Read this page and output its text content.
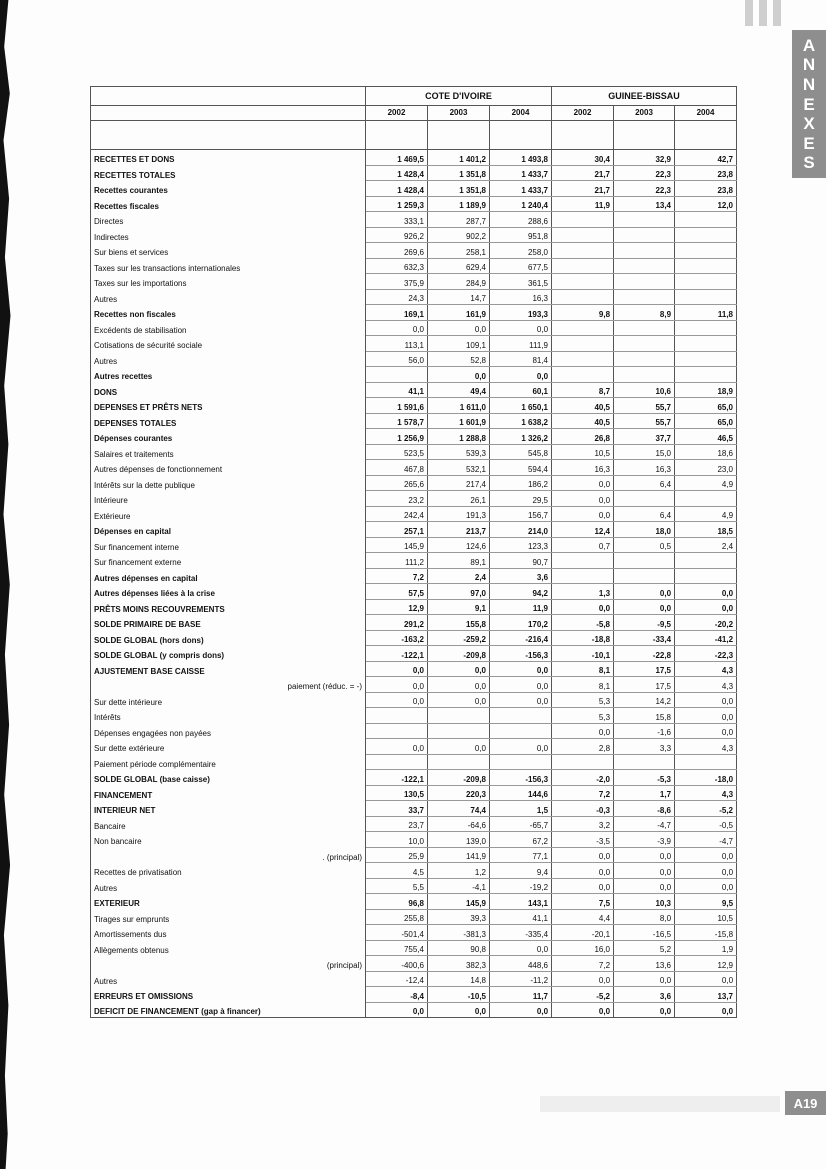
A
N
N
E
X
E
S
	COTE D'IVOIRE			GUINEE-BISSAU		
	2002	2003	2004	2002	2003	2004

RECETTES ET DONS	1 469,5	1 401,2	1 493,8	30,4	32,9	42,7
RECETTES TOTALES	1 428,4	1 351,8	1 433,7	21,7	22,3	23,8
Recettes courantes	1 428,4	1 351,8	1 433,7	21,7	22,3	23,8
Recettes fiscales	1 259,3	1 189,9	1 240,4	11,9	13,4	12,0
Directes	333,1	287,7	288,6			
Indirectes	926,2	902,2	951,8			
Sur biens et services	269,6	258,1	258,0			
Taxes sur les transactions internationales	632,3	629,4	677,5			
Taxes sur les importations	375,9	284,9	361,5			
Autres	24,3	14,7	16,3			
Recettes non fiscales	169,1	161,9	193,3	9,8	8,9	11,8
Excédents de stabilisation	0,0	0,0	0,0			
Cotisations de sécurité sociale	113,1	109,1	111,9			
Autres	56,0	52,8	81,4			
Autres recettes		0,0	0,0			
DONS	41,1	49,4	60,1	8,7	10,6	18,9
DEPENSES ET PRÊTS NETS	1 591,6	1 611,0	1 650,1	40,5	55,7	65,0
DEPENSES TOTALES	1 578,7	1 601,9	1 638,2	40,5	55,7	65,0
Dépenses courantes	1 256,9	1 288,8	1 326,2	26,8	37,7	46,5
Salaires et traitements	523,5	539,3	545,8	10,5	15,0	18,6
Autres dépenses de fonctionnement	467,8	532,1	594,4	16,3	16,3	23,0
Intérêts sur la dette publique	265,6	217,4	186,2	0,0	6,4	4,9
Intérieure	23,2	26,1	29,5	0,0		
Extérieure	242,4	191,3	156,7	0,0	6,4	4,9
Dépenses en capital	257,1	213,7	214,0	12,4	18,0	18,5
Sur financement interne	145,9	124,6	123,3	0,7	0,5	2,4
Sur financement externe	111,2	89,1	90,7			
Autres dépenses en capital	7,2	2,4	3,6			
Autres dépenses liées à la crise	57,5	97,0	94,2	1,3	0,0	0,0
PRÊTS MOINS RECOUVREMENTS	12,9	9,1	11,9	0,0	0,0	0,0
SOLDE PRIMAIRE DE BASE	291,2	155,8	170,2	-5,8	-9,5	-20,2
SOLDE GLOBAL (hors dons)	-163,2	-259,2	-216,4	-18,8	-33,4	-41,2
SOLDE GLOBAL (y compris dons)	-122,1	-209,8	-156,3	-10,1	-22,8	-22,3
AJUSTEMENT BASE CAISSE	0,0	0,0	0,0	8,1	17,5	4,3
paiement (réduc. = -)	0,0	0,0	0,0	8,1	17,5	4,3
Sur dette intérieure	0,0	0,0	0,0	5,3	14,2	0,0
Intérêts				5,3	15,8	0,0
Dépenses engagées non payées				0,0	-1,6	0,0
Sur dette extérieure	0,0	0,0	0,0	2,8	3,3	4,3
Paiement période complémentaire						
SOLDE GLOBAL (base caisse)	-122,1	-209,8	-156,3	-2,0	-5,3	-18,0
FINANCEMENT	130,5	220,3	144,6	7,2	1,7	4,3
INTERIEUR NET	33,7	74,4	1,5	-0,3	-8,6	-5,2
Bancaire	23,7	-64,6	-65,7	3,2	-4,7	-0,5
Non bancaire	10,0	139,0	67,2	-3,5	-3,9	-4,7
. (principal)	25,9	141,9	77,1	0,0	0,0	0,0
Recettes de privatisation	4,5	1,2	9,4	0,0	0,0	0,0
Autres	5,5	-4,1	-19,2	0,0	0,0	0,0
EXTERIEUR	96,8	145,9	143,1	7,5	10,3	9,5
Tirages sur emprunts	255,8	39,3	41,1	4,4	8,0	10,5
Amortissements dus	-501,4	-381,3	-335,4	-20,1	-16,5	-15,8
Allègements obtenus	755,4	90,8	0,0	16,0	5,2	1,9
(principal)	-400,6	382,3	448,6	7,2	13,6	12,9
Autres	-12,4	14,8	-11,2	0,0	0,0	0,0
ERREURS ET OMISSIONS	-8,4	-10,5	11,7	-5,2	3,6	13,7
DEFICIT DE FINANCEMENT (gap à financer)	0,0	0,0	0,0	0,0	0,0	0,0
A19
